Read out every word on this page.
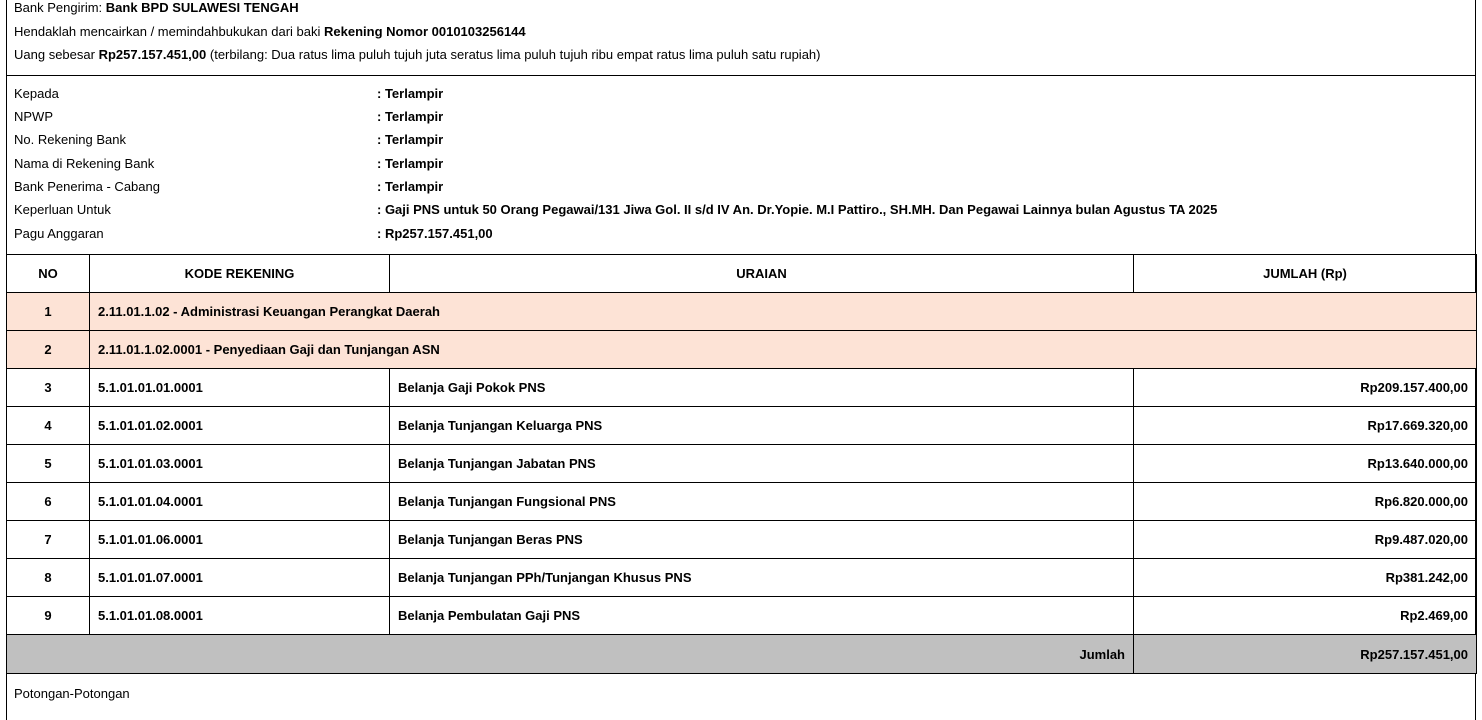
Bank Pengirim: Bank BPD SULAWESI TENGAH
Hendaklah mencairkan / memindahbukukan dari baki Rekening Nomor 0010103256144
Uang sebesar Rp257.157.451,00 (terbilang: Dua ratus lima puluh tujuh juta seratus lima puluh tujuh ribu empat ratus lima puluh satu rupiah)
Kepada	: Terlampir
NPWP	: Terlampir
No. Rekening Bank	: Terlampir
Nama di Rekening Bank	: Terlampir
Bank Penerima - Cabang	: Terlampir
Keperluan Untuk	: Gaji PNS untuk 50 Orang Pegawai/131 Jiwa Gol. II s/d IV An. Dr.Yopie. M.I Pattiro., SH.MH. Dan Pegawai Lainnya bulan Agustus TA 2025
Pagu Anggaran	: Rp257.157.451,00
NO	KODE REKENING	URAIAN	JUMLAH (Rp)
1	2.11.01.1.02 - Administrasi Keuangan Perangkat Daerah		
2	2.11.01.1.02.0001 - Penyediaan Gaji dan Tunjangan ASN		
3	5.1.01.01.01.0001	Belanja Gaji Pokok PNS	Rp209.157.400,00
4	5.1.01.01.02.0001	Belanja Tunjangan Keluarga PNS	Rp17.669.320,00
5	5.1.01.01.03.0001	Belanja Tunjangan Jabatan PNS	Rp13.640.000,00
6	5.1.01.01.04.0001	Belanja Tunjangan Fungsional PNS	Rp6.820.000,00
7	5.1.01.01.06.0001	Belanja Tunjangan Beras PNS	Rp9.487.020,00
8	5.1.01.01.07.0001	Belanja Tunjangan PPh/Tunjangan Khusus PNS	Rp381.242,00
9	5.1.01.01.08.0001	Belanja Pembulatan Gaji PNS	Rp2.469,00
Jumlah			Rp257.157.451,00
Potongan-Potongan
